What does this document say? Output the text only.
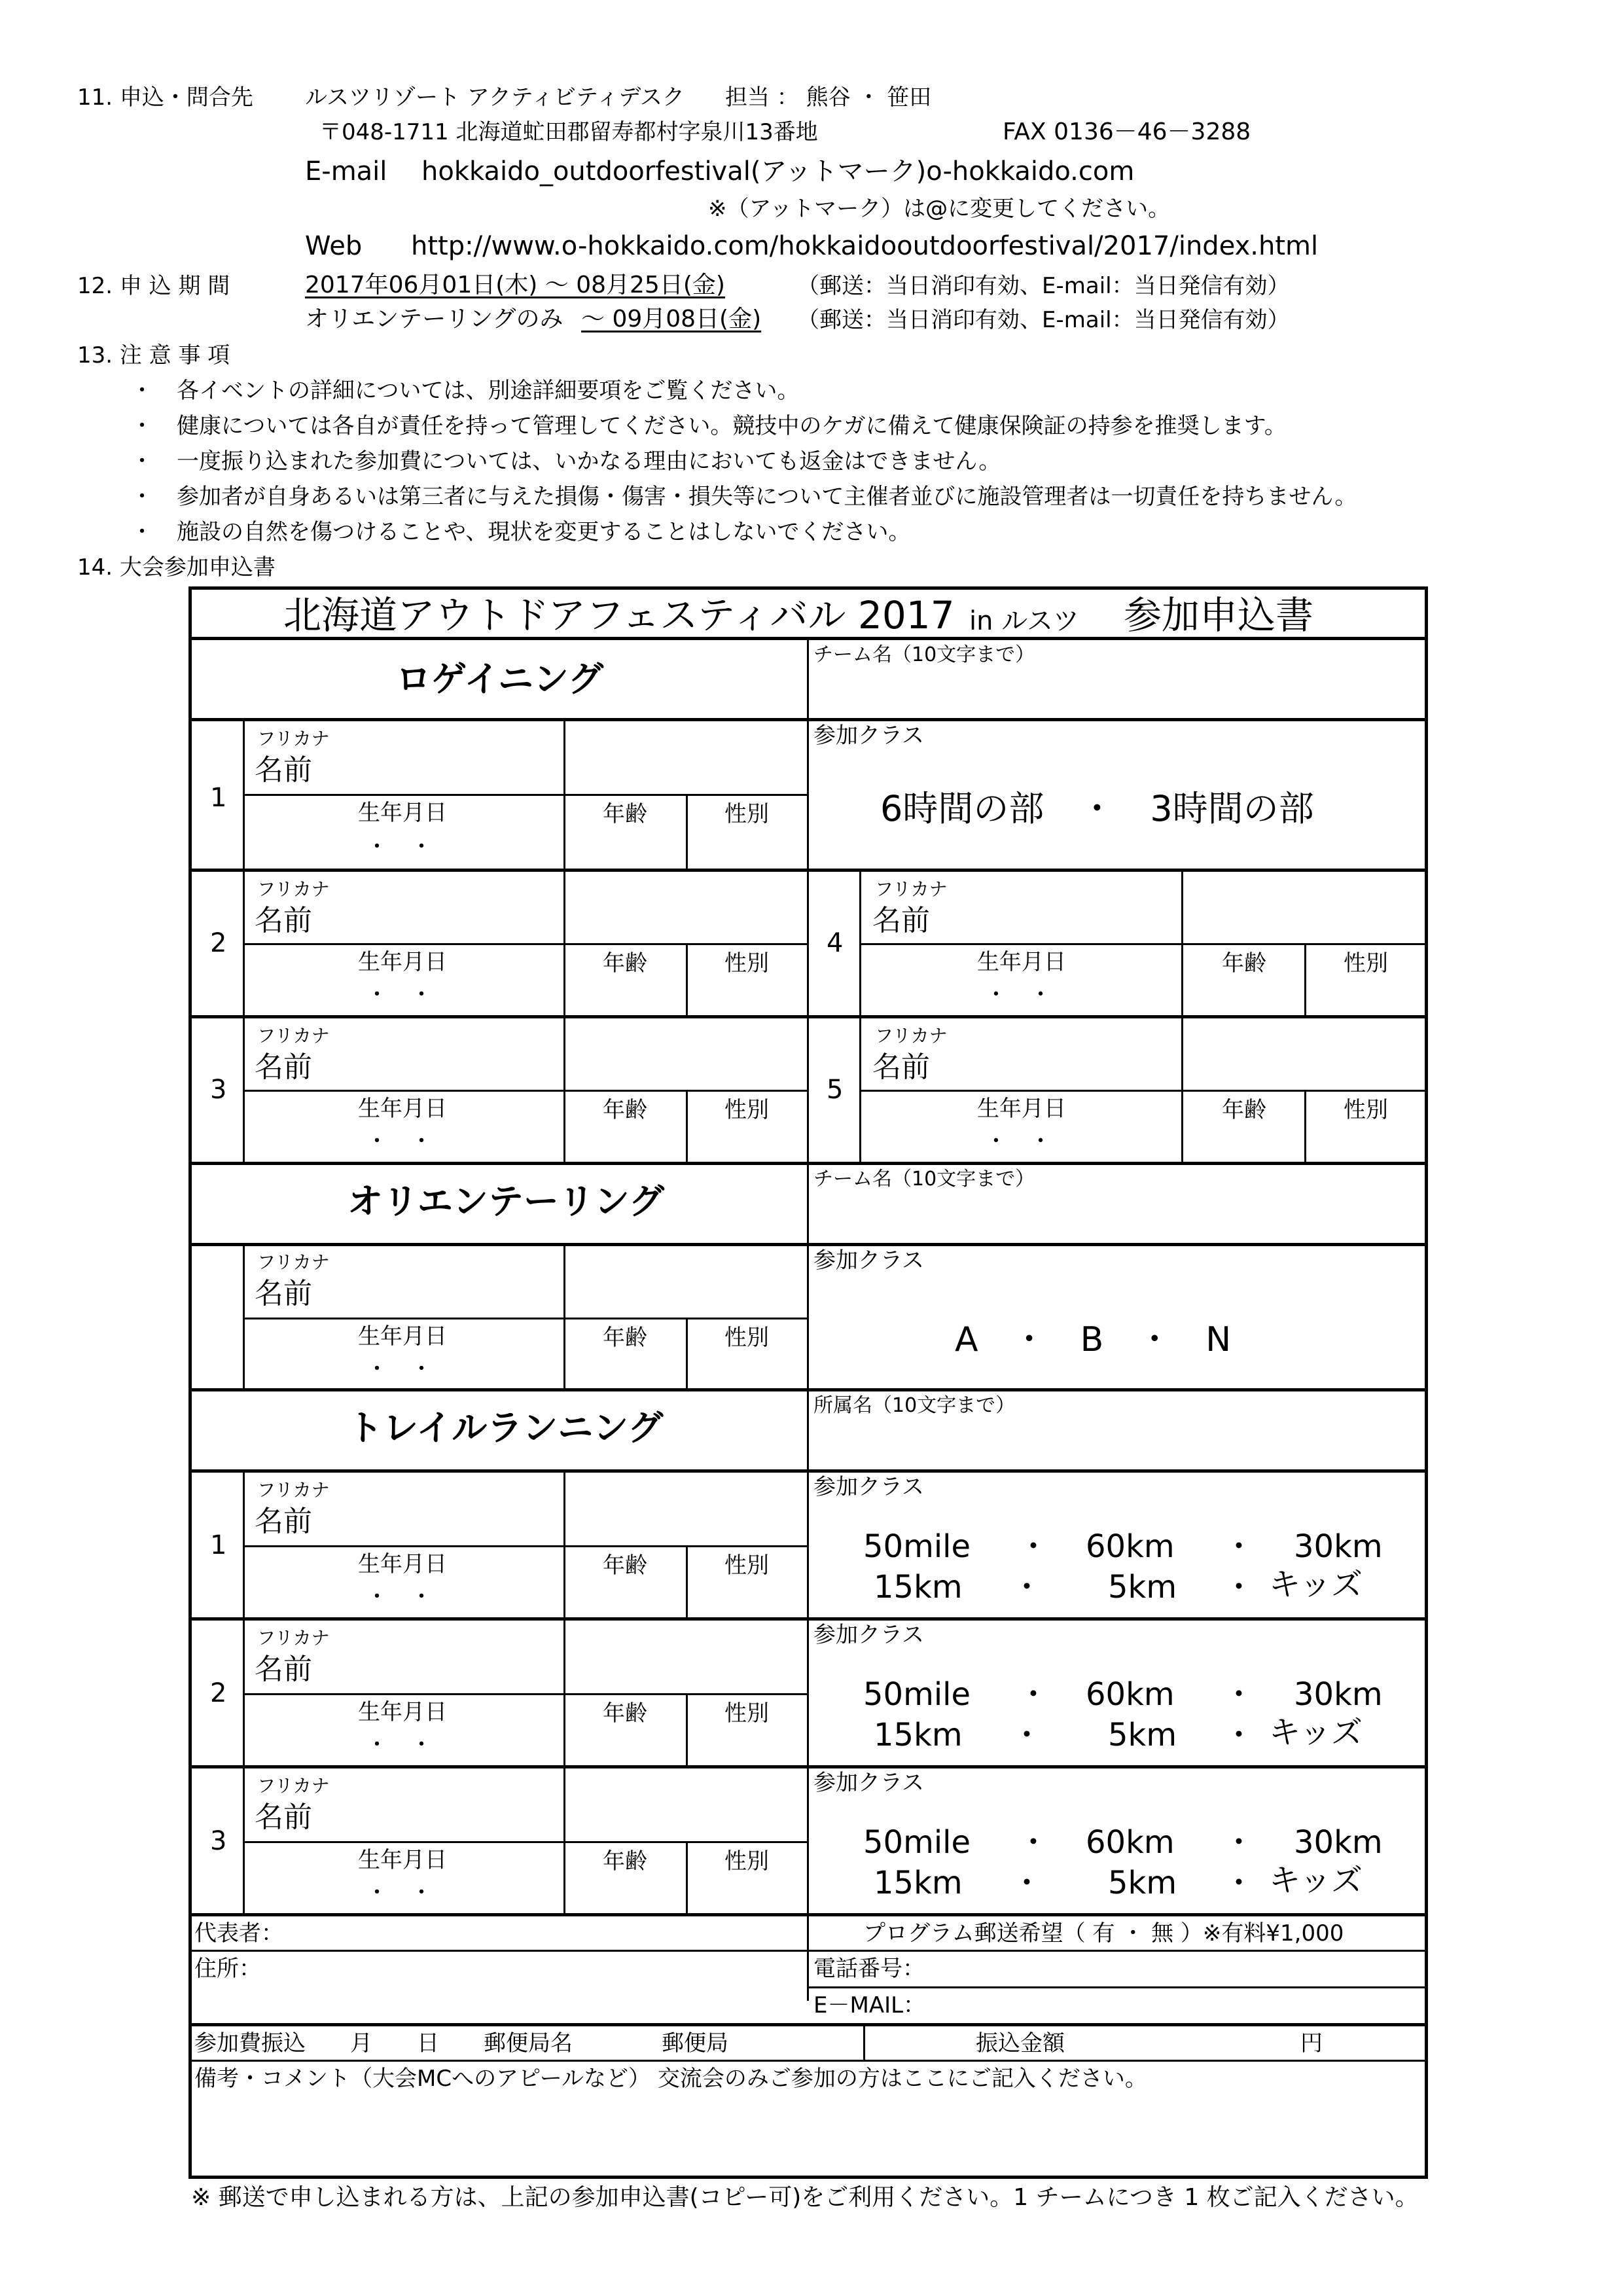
11. 申込・問合先 ルスツリゾート アクティビティデスク 担当 ： 熊谷 ・ 笹田
〒048-1711 北海道虻田郡留寿都村字泉川13番地	FAX 0136－46－3288
E-mail hokkaido_outdoorfestival(アットマーク)o-hokkaido.com
※（アットマーク）は@に変更してください。
Web http://www.o-hokkaido.com/hokkaidooutdoorfestival/2017/index.html
12. 申 込 期 間	2017年06月01日(木) ～ 08月25日(金)	（郵送：当日消印有効、E-mail：当日発信有効）
オリエンテーリングのみ ～ 09月08日(金) （郵送：当日消印有効、E-mail：当日発信有効）
13. 注 意 事 項
・ 各イベントの詳細については、別途詳細要項をご覧ください。
・ 健康については各自が責任を持って管理してください。競技中のケガに備えて健康保険証の持参を推奨します。
・ 一度振り込まれた参加費については、いかなる理由においても返金はできません。
・ 参加者が自身あるいは第三者に与えた損傷・傷害・損失等について主催者並びに施設管理者は一切責任を持ちません。
・ 施設の自然を傷つけることや、現状を変更することはしないでください。
14. 大会参加申込書
北海道アウトドアフェスティバル 2017 in ルスツ 参加申込書
ロゲイニング
チーム名（10文字まで）
1
フリカナ
名前
生年月日
・　・
年齢	性別
参加クラス
6時間の部　・　3時間の部
2
フリカナ
名前
生年月日
・　・
年齢	性別
4
フリカナ
名前
生年月日
・　・
年齢	性別
3
フリカナ
名前
生年月日
・　・
年齢	性別
5
フリカナ
名前
生年月日
・　・
年齢	性別
オリエンテーリング
チーム名（10文字まで）
フリカナ
名前
生年月日
・　・
年齢	性別
参加クラス
A　・　B　・　N
トレイルランニング
所属名（10文字まで）
1
フリカナ
名前
生年月日
・　・
年齢	性別
参加クラス
50mile ・ 60km ・ 30km
15km ・ 5km ・ キッズ
2
フリカナ
名前
生年月日
・　・
年齢	性別
参加クラス
50mile ・ 60km ・ 30km
15km ・ 5km ・ キッズ
3
フリカナ
名前
生年月日
・　・
年齢	性別
参加クラス
50mile ・ 60km ・ 30km
15km ・ 5km ・ キッズ
代表者：	プログラム郵送希望（ 有 ・ 無 ）※有料¥1,000
住所：	電話番号：
E－MAIL：
参加費振込　　月　　日　　郵便局名　　　　郵便局	振込金額	円
備考・コメント（大会MCへのアピールなど） 交流会のみご参加の方はここにご記入ください。
※ 郵送で申し込まれる方は、上記の参加申込書(コピー可)をご利用ください。1 チームにつき 1 枚ご記入ください。
